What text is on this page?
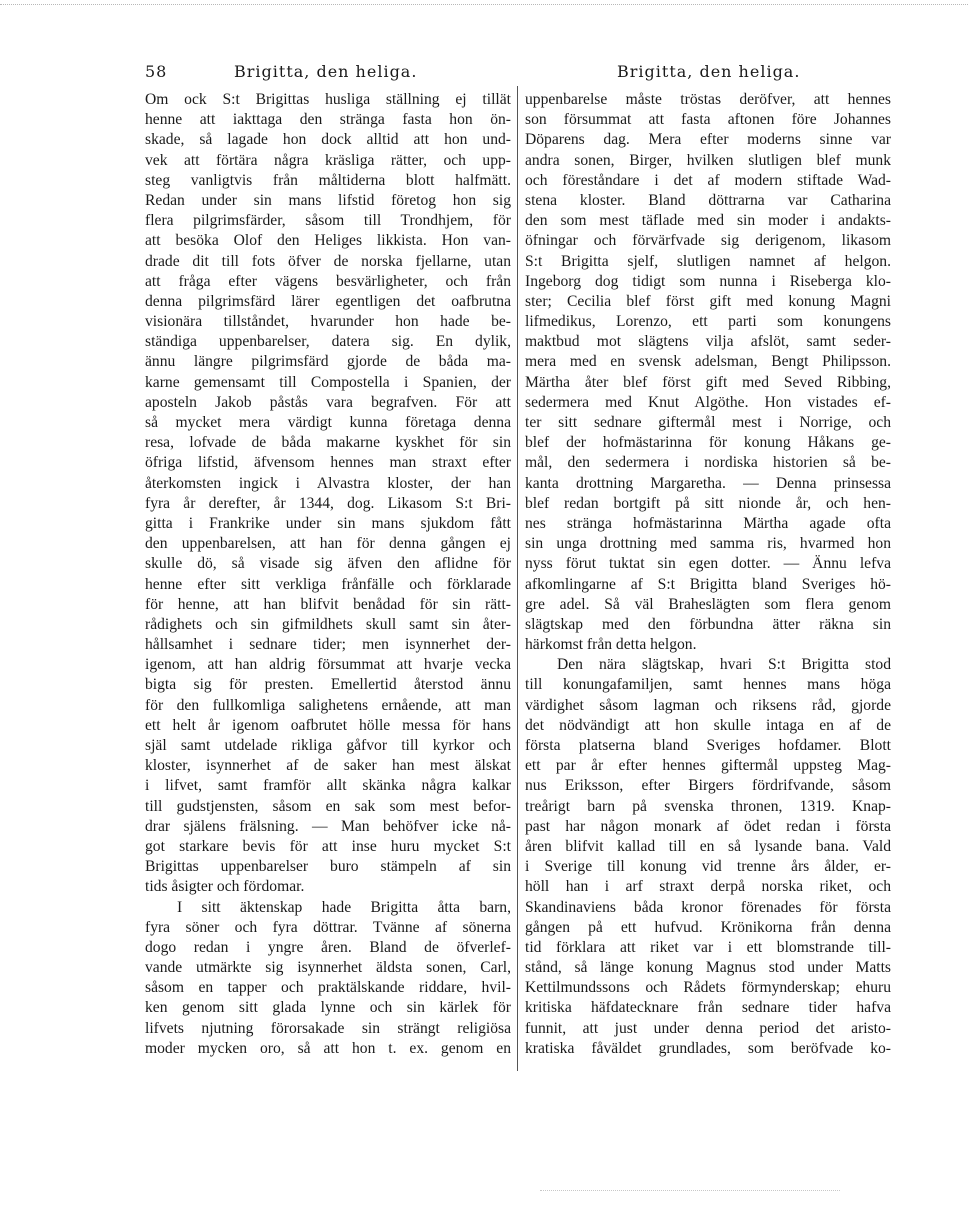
58	Brigitta, den heliga.	Brigitta, den heliga.
Om ock S:t Brigittas husliga ställning ej tillät
henne att iakttaga den stränga fasta hon ön-
skade, så lagade hon dock alltid att hon und-
vek att förtära några kräsliga rätter, och upp-
steg vanligtvis från måltiderna blott halfmätt.
Redan under sin mans lifstid företog hon sig
flera pilgrimsfärder, såsom till Trondhjem, för
att besöka Olof den Heliges likkista. Hon van-
drade dit till fots öfver de norska fjellarne, utan
att fråga efter vägens besvärligheter, och från
denna pilgrimsfärd lärer egentligen det oafbrutna
visionära tillståndet, hvarunder hon hade be-
ständiga uppenbarelser, datera sig. En dylik,
ännu längre pilgrimsfärd gjorde de båda ma-
karne gemensamt till Compostella i Spanien, der
aposteln Jakob påstås vara begrafven. För att
så mycket mera värdigt kunna företaga denna
resa, lofvade de båda makarne kyskhet för sin
öfriga lifstid, äfvensom hennes man straxt efter
återkomsten ingick i Alvastra kloster, der han
fyra år derefter, år 1344, dog. Likasom S:t Bri-
gitta i Frankrike under sin mans sjukdom fått
den uppenbarelsen, att han för denna gången ej
skulle dö, så visade sig äfven den aflidne för
henne efter sitt verkliga frånfälle och förklarade
för henne, att han blifvit benådad för sin rätt-
rådighets och sin gifmildhets skull samt sin åter-
hållsamhet i sednare tider; men isynnerhet der-
igenom, att han aldrig försummat att hvarje vecka
bigta sig för presten. Emellertid återstod ännu
för den fullkomliga salighetens ernående, att man
ett helt år igenom oafbrutet hölle messa för hans
själ samt utdelade rikliga gåfvor till kyrkor och
kloster, isynnerhet af de saker han mest älskat
i lifvet, samt framför allt skänka några kalkar
till gudstjensten, såsom en sak som mest befor-
drar själens frälsning. — Man behöfver icke nå-
got starkare bevis för att inse huru mycket S:t
Brigittas uppenbarelser buro stämpeln af sin
tids åsigter och fördomar.
I sitt äktenskap hade Brigitta åtta barn,
fyra söner och fyra döttrar. Tvänne af sönerna
dogo redan i yngre åren. Bland de öfverlef-
vande utmärkte sig isynnerhet äldsta sonen, Carl,
såsom en tapper och praktälskande riddare, hvil-
ken genom sitt glada lynne och sin kärlek för
lifvets njutning förorsakade sin strängt religiösa
moder mycken oro, så att hon t. ex. genom en
uppenbarelse måste tröstas deröfver, att hennes
son försummat att fasta aftonen före Johannes
Döparens dag. Mera efter moderns sinne var
andra sonen, Birger, hvilken slutligen blef munk
och föreståndare i det af modern stiftade Wad-
stena kloster. Bland döttrarna var Catharina
den som mest täflade med sin moder i andakts-
öfningar och förvärfvade sig derigenom, likasom
S:t Brigitta sjelf, slutligen namnet af helgon.
Ingeborg dog tidigt som nunna i Riseberga klo-
ster; Cecilia blef först gift med konung Magni
lifmedikus, Lorenzo, ett parti som konungens
maktbud mot slägtens vilja afslöt, samt seder-
mera med en svensk adelsman, Bengt Philipsson.
Märtha åter blef först gift med Seved Ribbing,
sedermera med Knut Algöthe. Hon vistades ef-
ter sitt sednare giftermål mest i Norrige, och
blef der hofmästarinna för konung Håkans ge-
mål, den sedermera i nordiska historien så be-
kanta drottning Margaretha. — Denna prinsessa
blef redan bortgift på sitt nionde år, och hen-
nes stränga hofmästarinna Märtha agade ofta
sin unga drottning med samma ris, hvarmed hon
nyss förut tuktat sin egen dotter. — Ännu lefva
afkomlingarne af S:t Brigitta bland Sveriges hö-
gre adel. Så väl Braheslägten som flera genom
slägtskap med den förbundna ätter räkna sin
härkomst från detta helgon.
Den nära slägtskap, hvari S:t Brigitta stod
till konungafamiljen, samt hennes mans höga
värdighet såsom lagman och riksens råd, gjorde
det nödvändigt att hon skulle intaga en af de
första platserna bland Sveriges hofdamer. Blott
ett par år efter hennes giftermål uppsteg Mag-
nus Eriksson, efter Birgers fördrifvande, såsom
treårigt barn på svenska thronen, 1319. Knap-
past har någon monark af ödet redan i första
åren blifvit kallad till en så lysande bana. Vald
i Sverige till konung vid trenne års ålder, er-
höll han i arf straxt derpå norska riket, och
Skandinaviens båda kronor förenades för första
gången på ett hufvud. Krönikorna från denna
tid förklara att riket var i ett blomstrande till-
stånd, så länge konung Magnus stod under Matts
Kettilmundssons och Rådets förmynderskap; ehuru
kritiska häfdatecknare från sednare tider hafva
funnit, att just under denna period det aristo-
kratiska fåväldet grundlades, som beröfvade ko-
